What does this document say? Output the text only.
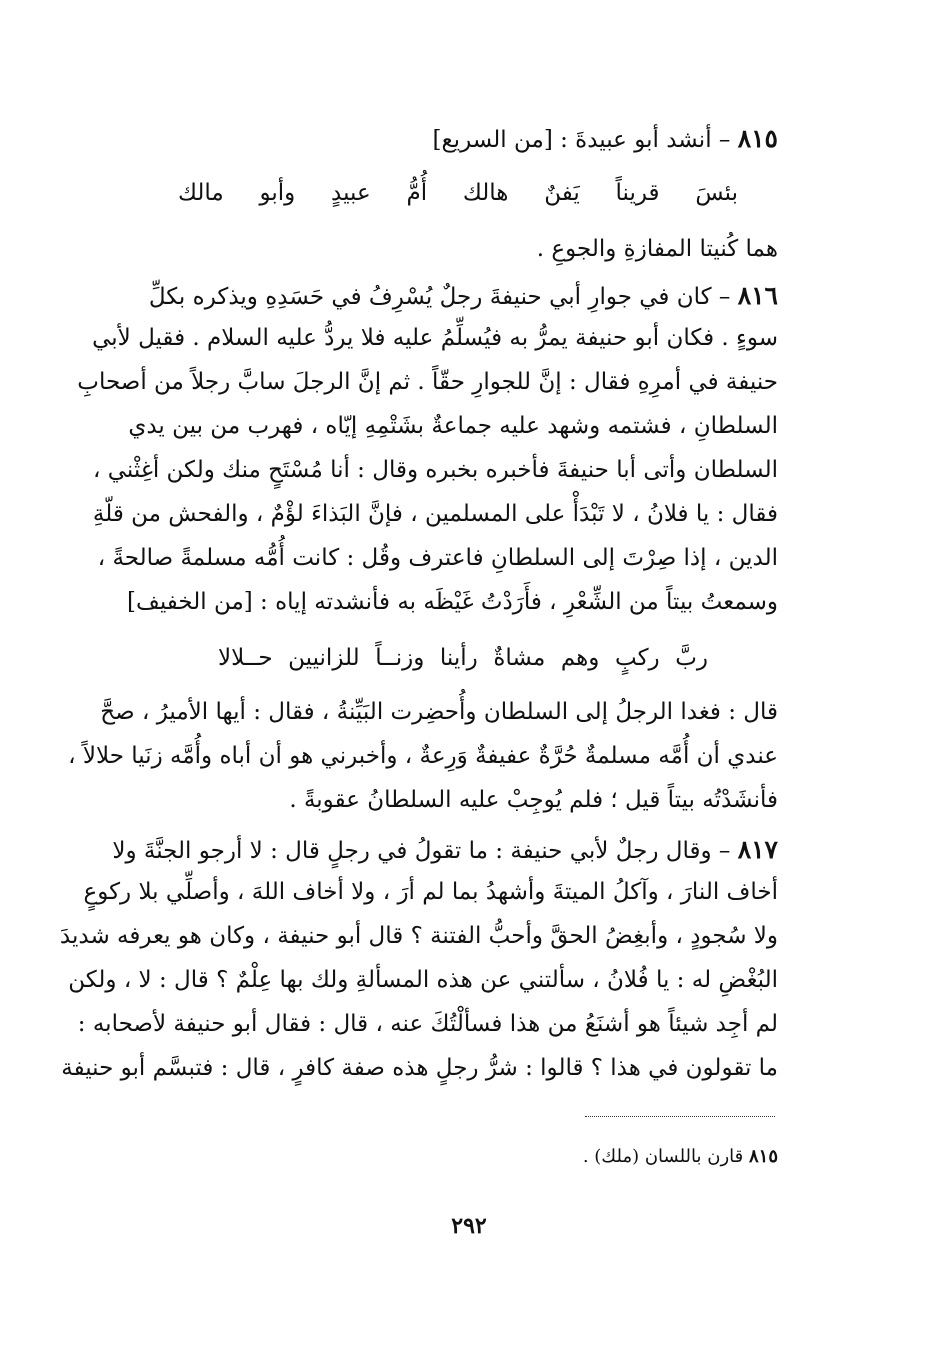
٨١٥ – أنشد أبو عبيدةَ : [من السريع]
بئسَ قريناً يَفنٌ هالك أُمُّ عبيدٍ وأبو مالك
هما كُنيتا المفازةِ والجوعِ .
٨١٦ – كان في جوارِ أبي حنيفةَ رجلٌ يُسْرِفُ في حَسَدِهِ ويذكره بكلِّ
سوءٍ . فكان أبو حنيفة يمرُّ به فيُسلِّمُ عليه فلا يردُّ عليه السلام . فقيل لأبي
حنيفة في أمرِهِ فقال : إنَّ للجوارِ حقّاً . ثم إنَّ الرجلَ سابَّ رجلاً من أصحابِ
السلطانِ ، فشتمه وشهد عليه جماعةٌ بشَتْمِهِ إيّاه ، فهرب من بين يدي
السلطان وأتى أبا حنيفةَ فأخبره بخبره وقال : أنا مُسْتَحٍ منك ولكن أغِثْني ،
فقال : يا فلانُ ، لا تَبْدَأْ على المسلمين ، فإنَّ البَذاءَ لؤْمٌ ، والفحش من قلّةِ
الدين ، إذا صِرْتَ إلى السلطانِ فاعترف وقُل : كانت أُمُّه مسلمةً صالحةً ،
وسمعتُ بيتاً من الشِّعْرِ ، فأَرَدْتُ غَيْظَه به فأنشدته إياه : [من الخفيف]
ربَّ ركبٍ وهم مشاةٌ رأينا وزنــاً للزانيين حــلالا
قال : فغدا الرجلُ إلى السلطان وأُحضِرت البَيِّنةُ ، فقال : أيها الأميرُ ، صحَّ
عندي أن أُمَّه مسلمةٌ حُرَّةٌ عفيفةٌ وَرِعةٌ ، وأخبرني هو أن أباه وأُمَّه زنَيا حلالاً ،
فأنشَدْتُه بيتاً قيل ؛ فلم يُوجِبْ عليه السلطانُ عقوبةً .
٨١٧ – وقال رجلٌ لأبي حنيفة : ما تقولُ في رجلٍ قال : لا أرجو الجنَّةَ ولا
أخاف النارَ ، وآكلُ الميتةَ وأشهدُ بما لم أرَ ، ولا أخاف اللهَ ، وأصلِّي بلا ركوعٍ
ولا سُجودٍ ، وأبغِضُ الحقَّ وأحبُّ الفتنة ؟ قال أبو حنيفة ، وكان هو يعرفه شديدَ
البُغْضِ له : يا فُلانُ ، سألتني عن هذه المسألةِ ولك بها عِلْمٌ ؟ قال : لا ، ولكن
لم أجِد شيئاً هو أشنَعُ من هذا فسألْتُكَ عنه ، قال : فقال أبو حنيفة لأصحابه :
ما تقولون في هذا ؟ قالوا : شرُّ رجلٍ هذه صفة كافرٍ ، قال : فتبسَّم أبو حنيفة
٨١٥ قارن باللسان (ملك) .
٢٩٢
